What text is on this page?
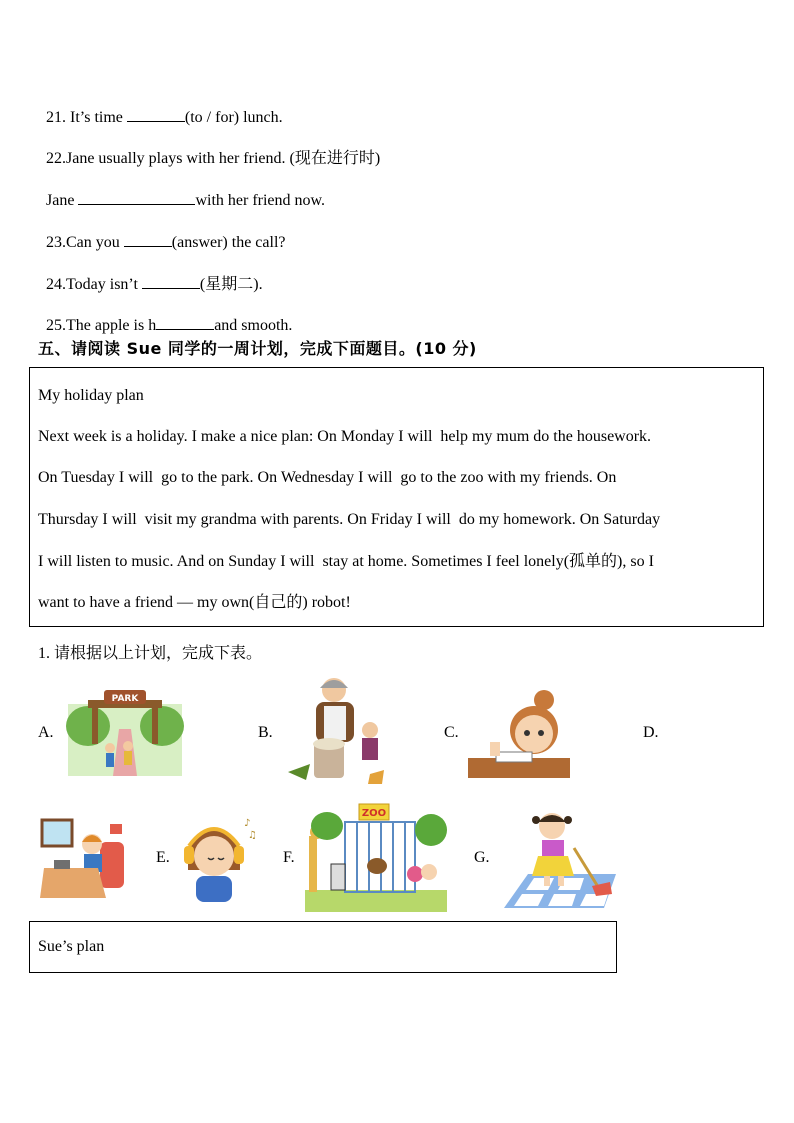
21. It’s time	(to / for) lunch.

22.Jane usually plays with her friend. (现在进行时)

Jane	with her friend now.

23.Can you	(answer) the call?

24.Today isn’t	(星期二).

25.The apple is h	and smooth.

五、请阅读 Sue 同学的一周计划，完成下面题目。(10 分)

My holiday plan

Next week is a holiday. I make a nice plan: On Monday I will  help my mum do the housework.

On Tuesday I will  go to the park. On Wednesday I will  go to the zoo with my friends. On

Thursday I will  visit my grandma with parents. On Friday I will  do my homework. On Saturday

I will listen to music. And on Sunday I will  stay at home. Sometimes I feel lonely(孤单的), so I

want to have a friend — my own(自己的) robot!

1. 请根据以上计划，完成下表。
A.
PARK
B.	C.	D.
E.
♪
♫
F.
ZOO
G.
Sue’s plan
